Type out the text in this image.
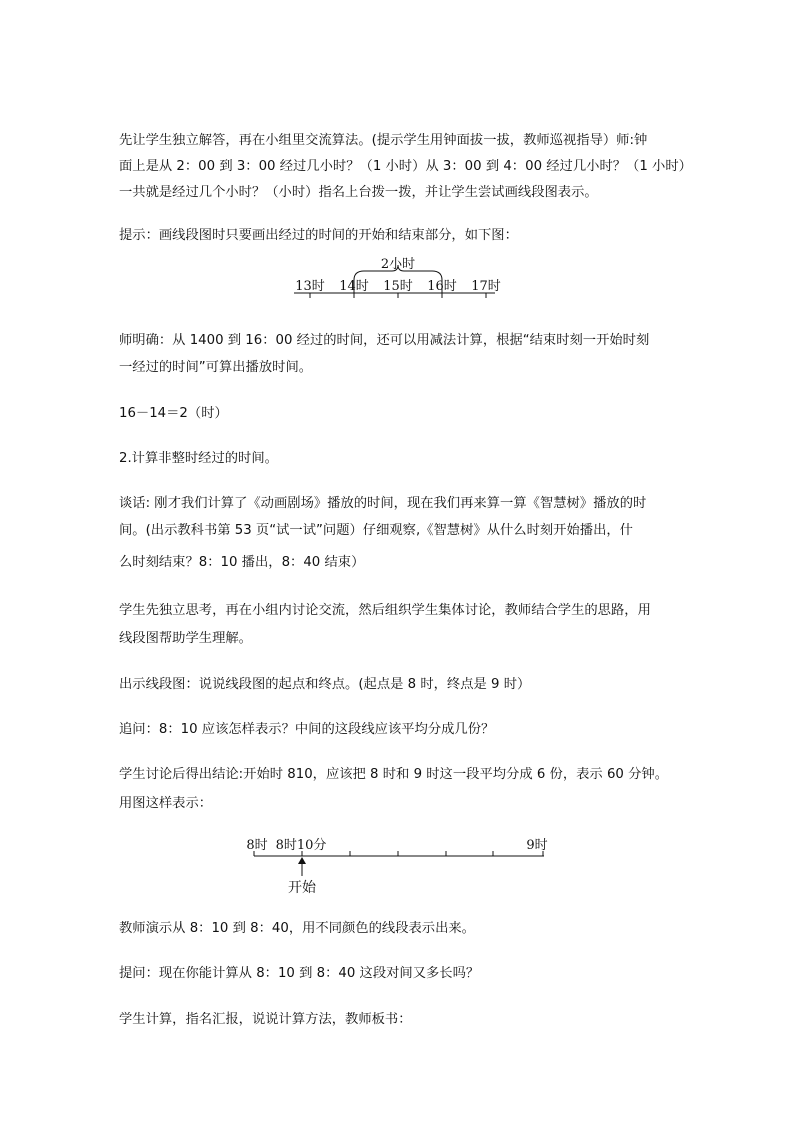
先让学生独立解答，再在小组里交流算法。(提示学生用钟面拔一拔，教师巡视指导）师:钟
面上是从 2：00 到 3：00 经过几小时？（1 小时）从 3：00 到 4：00 经过几小时？（1 小时）
一共就是经过几个小时？（小时）指名上台拨一拨，并让学生尝试画线段图表示。
提示：画线段图时只要画出经过的时间的开始和结束部分，如下图：
2小时
13时 14时 15时 16时 17时
师明确：从 1400 到 16：00 经过的时间，还可以用减法计算，根据“结束时刻一开始时刻
一经过的时间”可算出播放时间。
16－14＝2（时）
2.计算非整时经过的时间。
谈话: 刚才我们计算了《动画剧场》播放的时间，现在我们再来算一算《智慧树》播放的时
间。(出示教科书第 53 页“试一试”问题）仔细观察,《智慧树》从什么时刻开始播出，什
么时刻结束？8：10 播出，8：40 结束）
学生先独立思考，再在小组内讨论交流，然后组织学生集体讨论，教师结合学生的思路，用
线段图帮助学生理解。
出示线段图：说说线段图的起点和终点。(起点是 8 时，终点是 9 时）
追问：8：10 应该怎样表示？中间的这段线应该平均分成几份？
学生讨论后得出结论:开始时 810，应该把 8 时和 9 时这一段平均分成 6 份，表示 60 分钟。
用图这样表示：
8时 8时10分	9时
开始
教师演示从 8：10 到 8：40，用不同颜色的线段表示出来。
提问：现在你能计算从 8：10 到 8：40 这段对间又多长吗？
学生计算，指名汇报，说说计算方法，教师板书：
